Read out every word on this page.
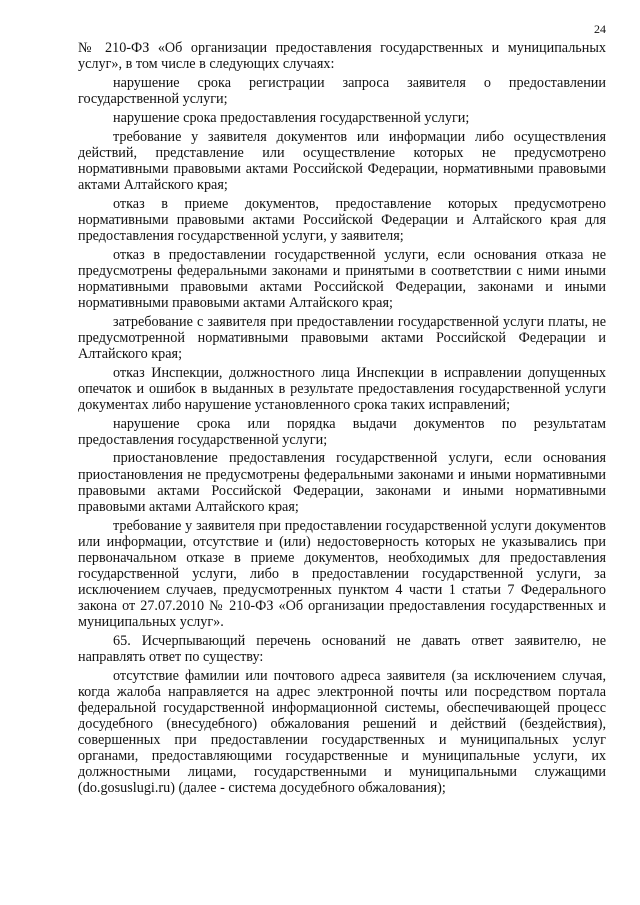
24

№ 210-ФЗ «Об организации предоставления государственных и муниципальных услуг», в том числе в следующих случаях:

нарушение срока регистрации запроса заявителя о предоставлении государственной услуги;

нарушение срока предоставления государственной услуги;

требование у заявителя документов или информации либо осуществления действий, представление или осуществление которых не предусмотрено нормативными правовыми актами Российской Федерации, нормативными правовыми актами Алтайского края;

отказ в приеме документов, предоставление которых предусмотрено нормативными правовыми актами Российской Федерации и Алтайского края для предоставления государственной услуги, у заявителя;

отказ в предоставлении государственной услуги, если основания отказа не предусмотрены федеральными законами и принятыми в соответствии с ними иными нормативными правовыми актами Российской Федерации, законами и иными нормативными правовыми актами Алтайского края;

затребование с заявителя при предоставлении государственной услуги платы, не предусмотренной нормативными правовыми актами Российской Федерации и Алтайского края;

отказ Инспекции, должностного лица Инспекции в исправлении допущенных опечаток и ошибок в выданных в результате предоставления государственной услуги документах либо нарушение установленного срока таких исправлений;

нарушение срока или порядка выдачи документов по результатам предоставления государственной услуги;

приостановление предоставления государственной услуги, если основания приостановления не предусмотрены федеральными законами и иными нормативными правовыми актами Российской Федерации, законами и иными нормативными правовыми актами Алтайского края;

требование у заявителя при предоставлении государственной услуги документов или информации, отсутствие и (или) недостоверность которых не указывались при первоначальном отказе в приеме документов, необходимых для предоставления государственной услуги, либо в предоставлении государственной услуги, за исключением случаев, предусмотренных пунктом 4 части 1 статьи 7 Федерального закона от 27.07.2010 № 210-ФЗ «Об организации предоставления государственных и муниципальных услуг».

65. Исчерпывающий перечень оснований не давать ответ заявителю, не направлять ответ по существу:

отсутствие фамилии или почтового адреса заявителя (за исключением случая, когда жалоба направляется на адрес электронной почты или посредством портала федеральной государственной информационной системы, обеспечивающей процесс досудебного (внесудебного) обжалования решений и действий (бездействия), совершенных при предоставлении государственных и муниципальных услуг органами, предоставляющими государственные и муниципальные услуги, их должностными лицами, государственными и муниципальными служащими (do.gosuslugi.ru) (далее - система досудебного обжалования);
